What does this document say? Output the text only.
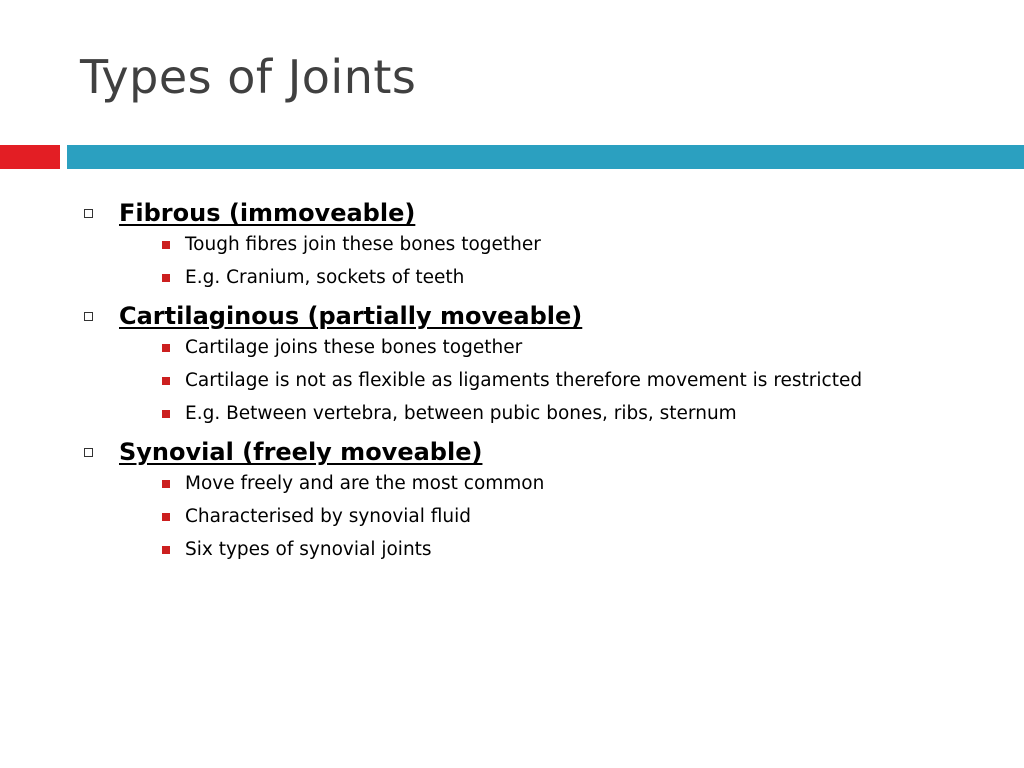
Types of Joints

Fibrous (immoveable)

Tough fibres join these bones together

E.g. Cranium, sockets of teeth

Cartilaginous (partially moveable)

Cartilage joins these bones together

Cartilage is not as flexible as ligaments therefore movement is restricted

E.g. Between vertebra, between pubic bones, ribs, sternum

Synovial (freely moveable)

Move freely and are the most common

Characterised by synovial fluid

Six types of synovial joints
